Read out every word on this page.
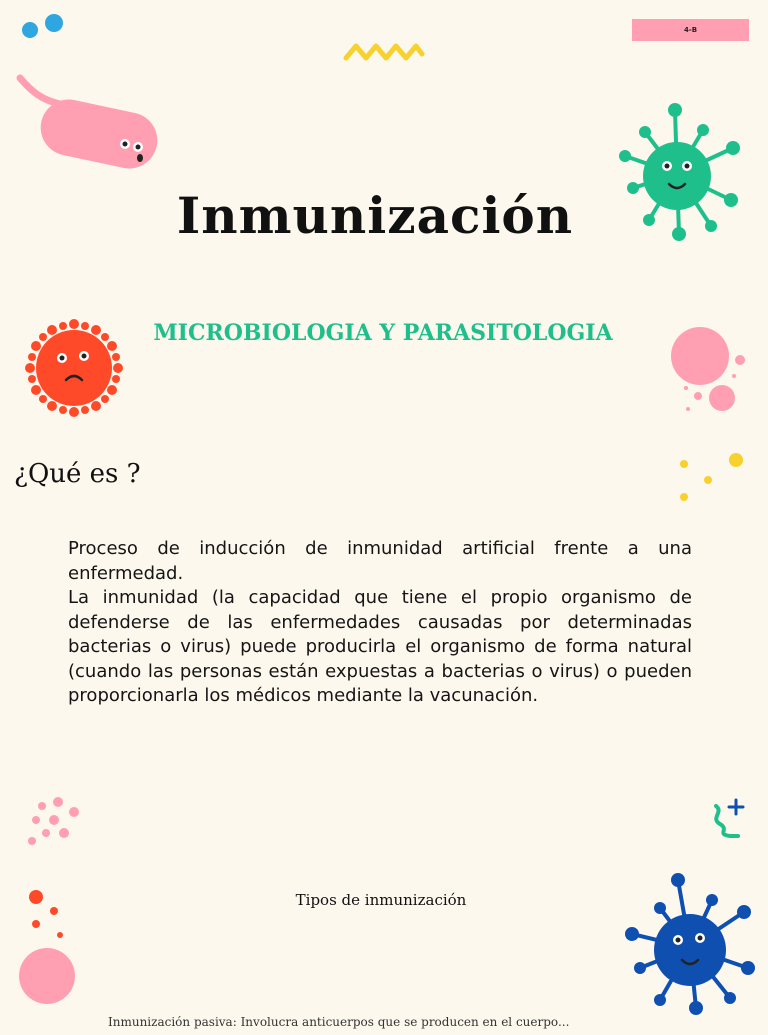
4-B
Inmunización
MICROBIOLOGIA Y PARASITOLOGIA
¿Qué es ?

Proceso de inducción de inmunidad artificial frente a una enfermedad.

La inmunidad (la capacidad que tiene el propio organismo de defenderse de las enfermedades causadas por determinadas bacterias o virus) puede producirla el organismo de forma natural (cuando las personas están expuestas a bacterias o virus) o pueden proporcionarla los médicos mediante la vacunación.

Tipos de inmunización
Inmunización pasiva: Involucra anticuerpos que se producen en el cuerpo...
